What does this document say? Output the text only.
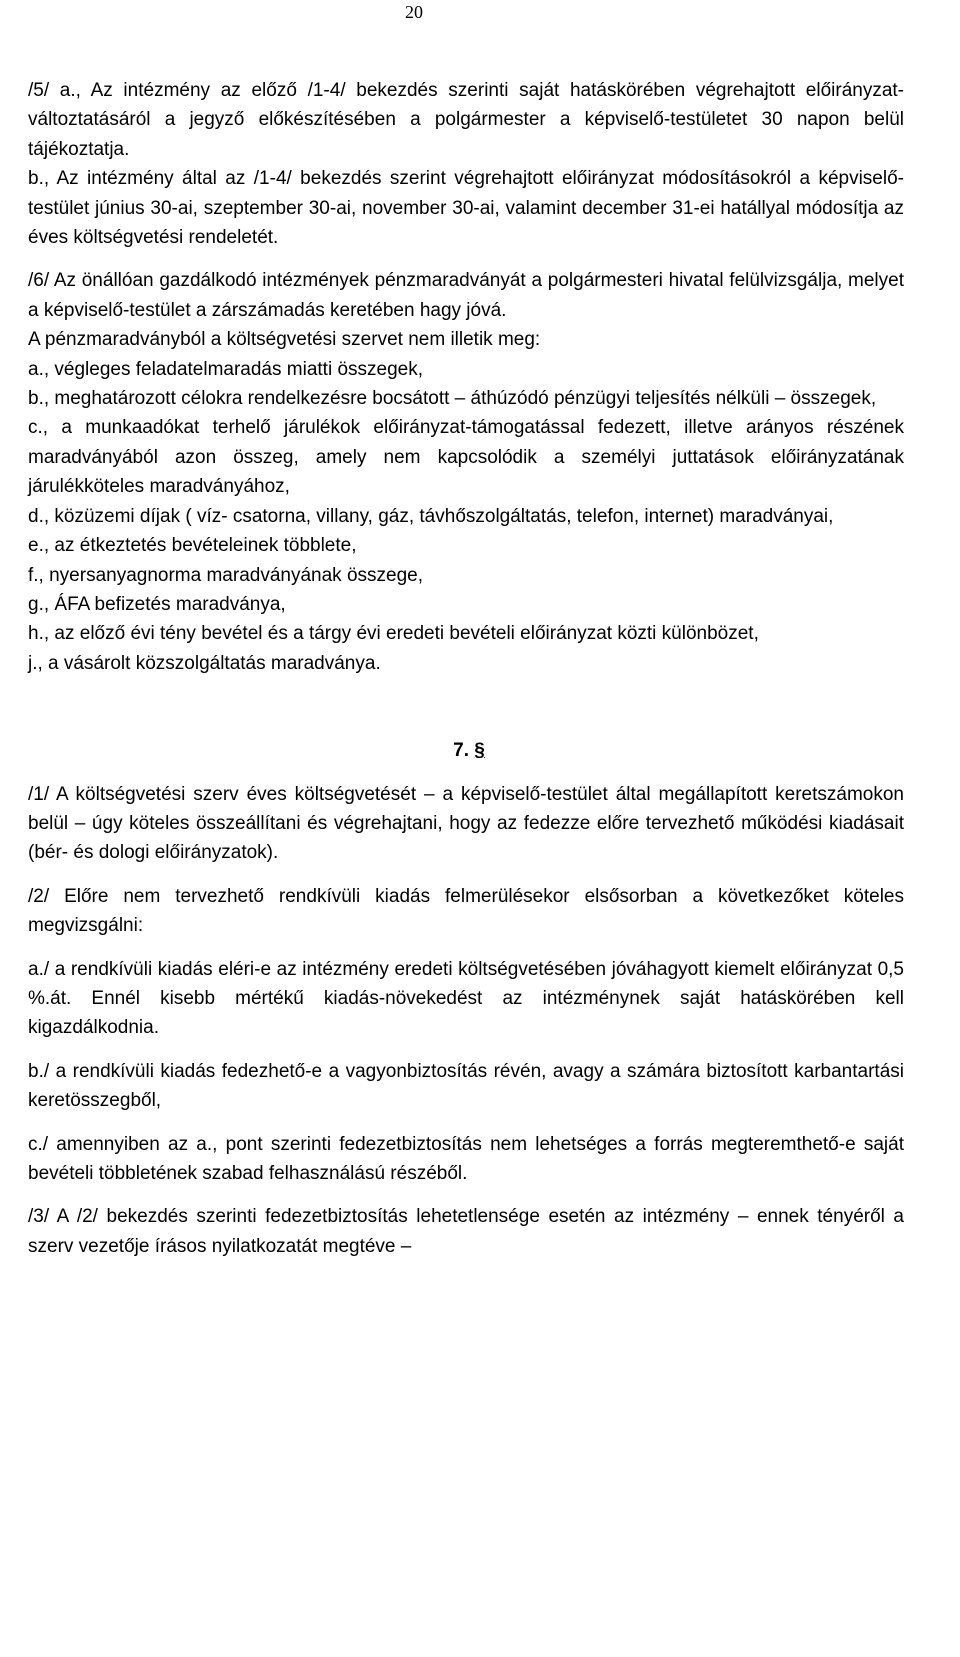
20

/5/ a., Az intézmény az előző /1-4/ bekezdés szerinti saját hatáskörében végrehajtott előirányzat-változtatásáról a jegyző előkészítésében a polgármester a képviselő-testületet 30 napon belül tájékoztatja.

b., Az intézmény által az /1-4/ bekezdés szerint végrehajtott előirányzat módosításokról a képviselő-testület június 30-ai, szeptember 30-ai, november 30-ai, valamint december 31-ei hatállyal módosítja az éves költségvetési rendeletét.

/6/ Az önállóan gazdálkodó intézmények pénzmaradványát a polgármesteri hivatal felülvizsgálja, melyet a képviselő-testület a zárszámadás keretében hagy jóvá.

A pénzmaradványból a költségvetési szervet nem illetik meg:

a., végleges feladatelmaradás miatti összegek,

b., meghatározott célokra rendelkezésre bocsátott – áthúzódó pénzügyi teljesítés nélküli – összegek,

c., a munkaadókat terhelő járulékok előirányzat-támogatással fedezett, illetve arányos részének maradványából azon összeg, amely nem kapcsolódik a személyi juttatások előirányzatának járulékköteles maradványához,

d., közüzemi díjak ( víz- csatorna, villany, gáz, távhőszolgáltatás, telefon, internet) maradványai,

e., az étkeztetés bevételeinek többlete,

f., nyersanyagnorma maradványának összege,

g., ÁFA befizetés maradványa,

h., az előző évi tény bevétel és a tárgy évi eredeti bevételi előirányzat közti különbözet,

j., a vásárolt közszolgáltatás maradványa.

7. §

/1/ A költségvetési szerv éves költségvetését – a képviselő-testület által megállapított keretszámokon belül – úgy köteles összeállítani és végrehajtani, hogy az fedezze előre tervezhető működési kiadásait (bér- és dologi előirányzatok).

/2/ Előre nem tervezhető rendkívüli kiadás felmerülésekor elsősorban a következőket köteles megvizsgálni:

a./ a rendkívüli kiadás eléri-e az intézmény eredeti költségvetésében jóváhagyott kiemelt előirányzat 0,5 %.át. Ennél kisebb mértékű kiadás-növekedést az intézménynek saját hatáskörében kell kigazdálkodnia.

b./ a rendkívüli kiadás fedezhető-e a vagyonbiztosítás révén, avagy a számára biztosított karbantartási keretösszegből,

c./ amennyiben az a., pont szerinti fedezetbiztosítás nem lehetséges a forrás megteremthető-e saját bevételi többletének szabad felhasználású részéből.

/3/ A /2/ bekezdés szerinti fedezetbiztosítás lehetetlensége esetén az intézmény – ennek tényéről a szerv vezetője írásos nyilatkozatát megtéve –
